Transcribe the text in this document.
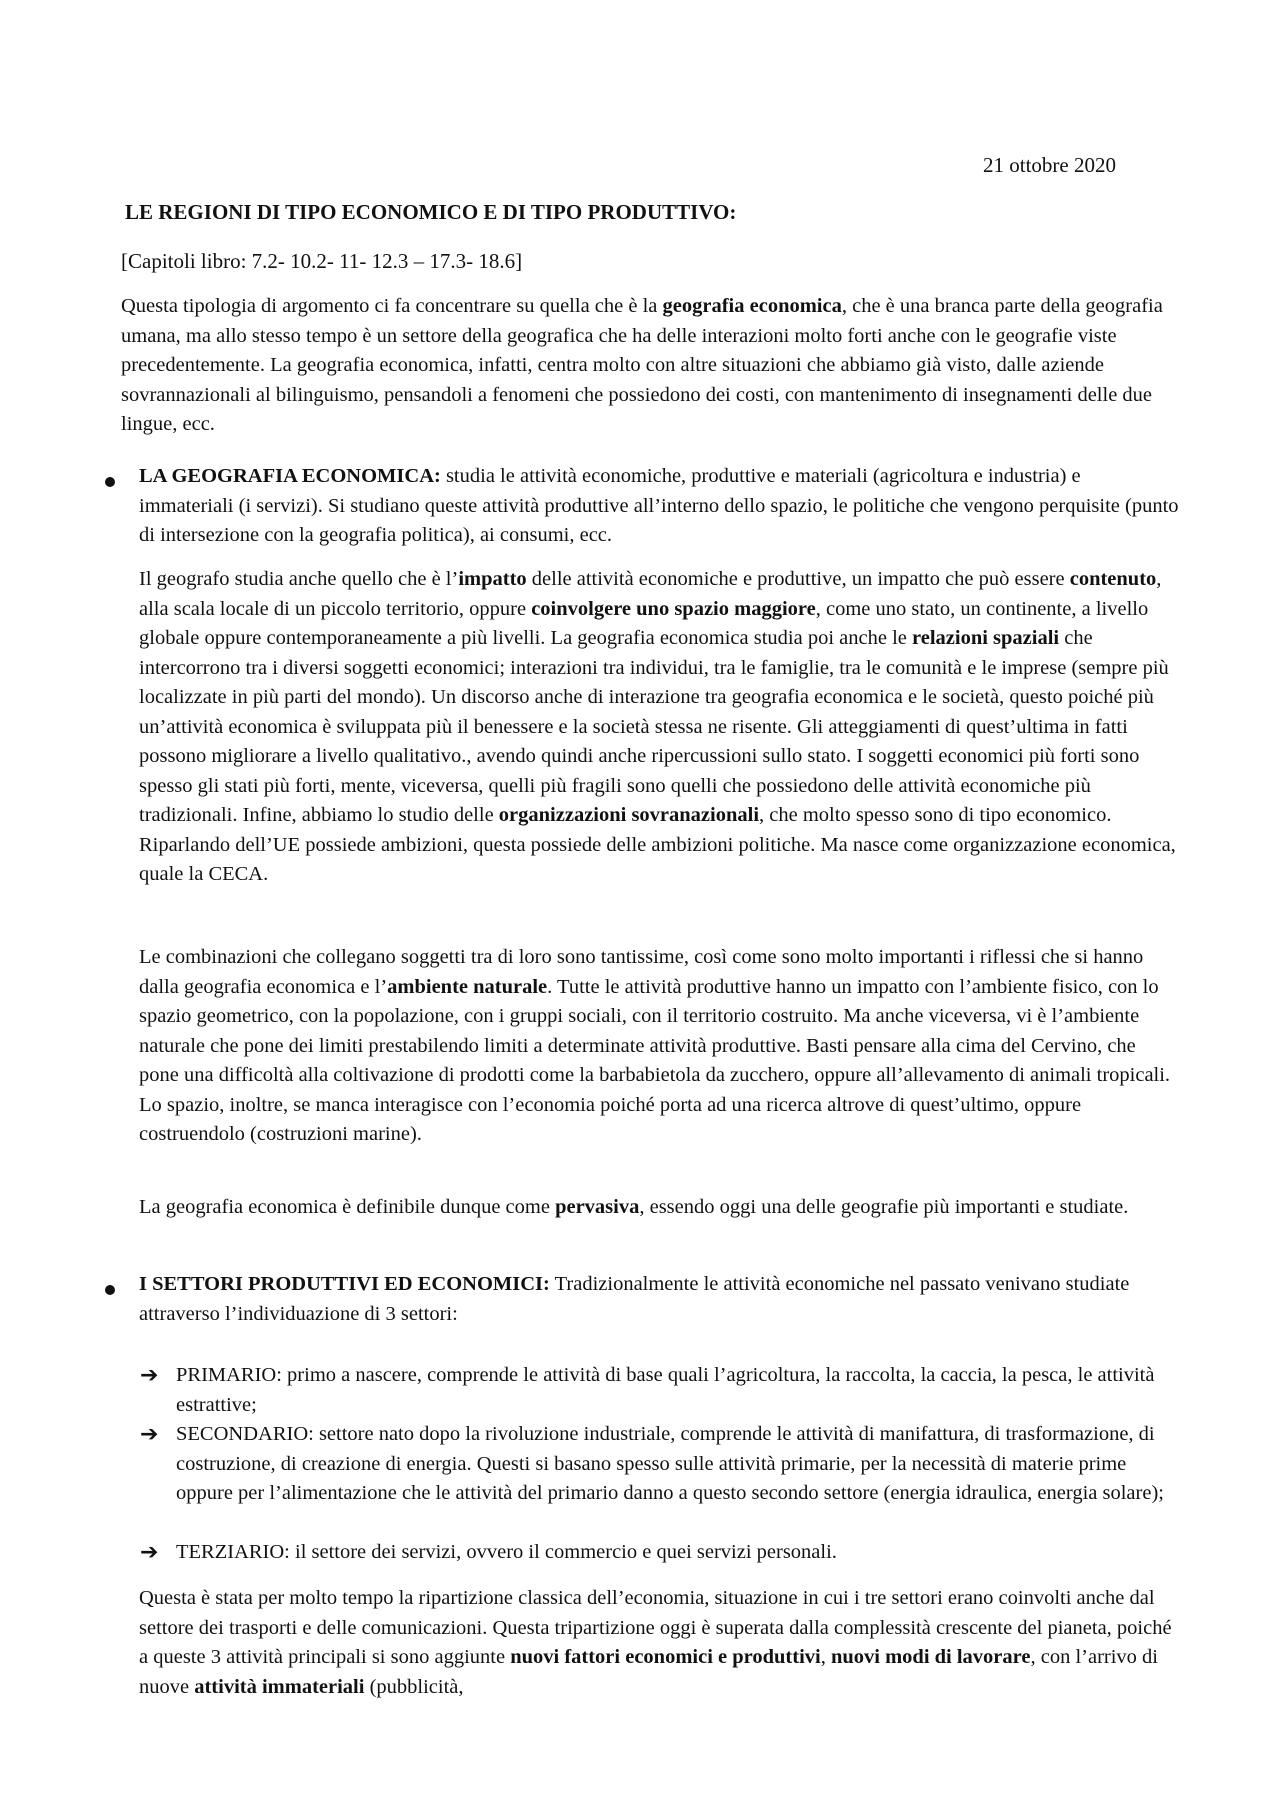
21 ottobre 2020
LE REGIONI DI TIPO ECONOMICO E DI TIPO PRODUTTIVO:
[Capitoli libro: 7.2- 10.2- 11- 12.3 – 17.3- 18.6]
Questa tipologia di argomento ci fa concentrare su quella che è la geografia economica, che è una branca parte della geografia umana, ma allo stesso tempo è un settore della geografica che ha delle interazioni molto forti anche con le geografie viste precedentemente. La geografia economica, infatti, centra molto con altre situazioni che abbiamo già visto, dalle aziende sovrannazionali al bilinguismo, pensandoli a fenomeni che possiedono dei costi, con mantenimento di insegnamenti delle due lingue, ecc.
LA GEOGRAFIA ECONOMICA: studia le attività economiche, produttive e materiali (agricoltura e industria) e immateriali (i servizi). Si studiano queste attività produttive all’interno dello spazio, le politiche che vengono perquisite (punto di intersezione con la geografia politica), ai consumi, ecc.
Il geografo studia anche quello che è l’impatto delle attività economiche e produttive, un impatto che può essere contenuto, alla scala locale di un piccolo territorio, oppure coinvolgere uno spazio maggiore, come uno stato, un continente, a livello globale oppure contemporaneamente a più livelli. La geografia economica studia poi anche le relazioni spaziali che intercorrono tra i diversi soggetti economici; interazioni tra individui, tra le famiglie, tra le comunità e le imprese (sempre più localizzate in più parti del mondo). Un discorso anche di interazione tra geografia economica e le società, questo poiché più un’attività economica è sviluppata più il benessere e la società stessa ne risente. Gli atteggiamenti di quest’ultima in fatti possono migliorare a livello qualitativo., avendo quindi anche ripercussioni sullo stato. I soggetti economici più forti sono spesso gli stati più forti, mente, viceversa, quelli più fragili sono quelli che possiedono delle attività economiche più tradizionali. Infine, abbiamo lo studio delle organizzazioni sovranazionali, che molto spesso sono di tipo economico. Riparlando dell’UE possiede ambizioni, questa possiede delle ambizioni politiche. Ma nasce come organizzazione economica, quale la CECA.
Le combinazioni che collegano soggetti tra di loro sono tantissime, così come sono molto importanti i riflessi che si hanno dalla geografia economica e l’ambiente naturale. Tutte le attività produttive hanno un impatto con l’ambiente fisico, con lo spazio geometrico, con la popolazione, con i gruppi sociali, con il territorio costruito. Ma anche viceversa, vi è l’ambiente naturale che pone dei limiti prestabilendo limiti a determinate attività produttive. Basti pensare alla cima del Cervino, che pone una difficoltà alla coltivazione di prodotti come la barbabietola da zucchero, oppure all’allevamento di animali tropicali. Lo spazio, inoltre, se manca interagisce con l’economia poiché porta ad una ricerca altrove di quest’ultimo, oppure costruendolo (costruzioni marine).
La geografia economica è definibile dunque come pervasiva, essendo oggi una delle geografie più importanti e studiate.
I SETTORI PRODUTTIVI ED ECONOMICI: Tradizionalmente le attività economiche nel passato venivano studiate attraverso l’individuazione di 3 settori:
➔ PRIMARIO: primo a nascere, comprende le attività di base quali l’agricoltura, la raccolta, la caccia, la pesca, le attività estrattive;
➔ SECONDARIO: settore nato dopo la rivoluzione industriale, comprende le attività di manifattura, di trasformazione, di costruzione, di creazione di energia. Questi si basano spesso sulle attività primarie, per la necessità di materie prime oppure per l’alimentazione che le attività del primario danno a questo secondo settore (energia idraulica, energia solare);
➔ TERZIARIO: il settore dei servizi, ovvero il commercio e quei servizi personali.
Questa è stata per molto tempo la ripartizione classica dell’economia, situazione in cui i tre settori erano coinvolti anche dal settore dei trasporti e delle comunicazioni. Questa tripartizione oggi è superata dalla complessità crescente del pianeta, poiché a queste 3 attività principali si sono aggiunte nuovi fattori economici e produttivi, nuovi modi di lavorare, con l’arrivo di nuove attività immateriali (pubblicità,
